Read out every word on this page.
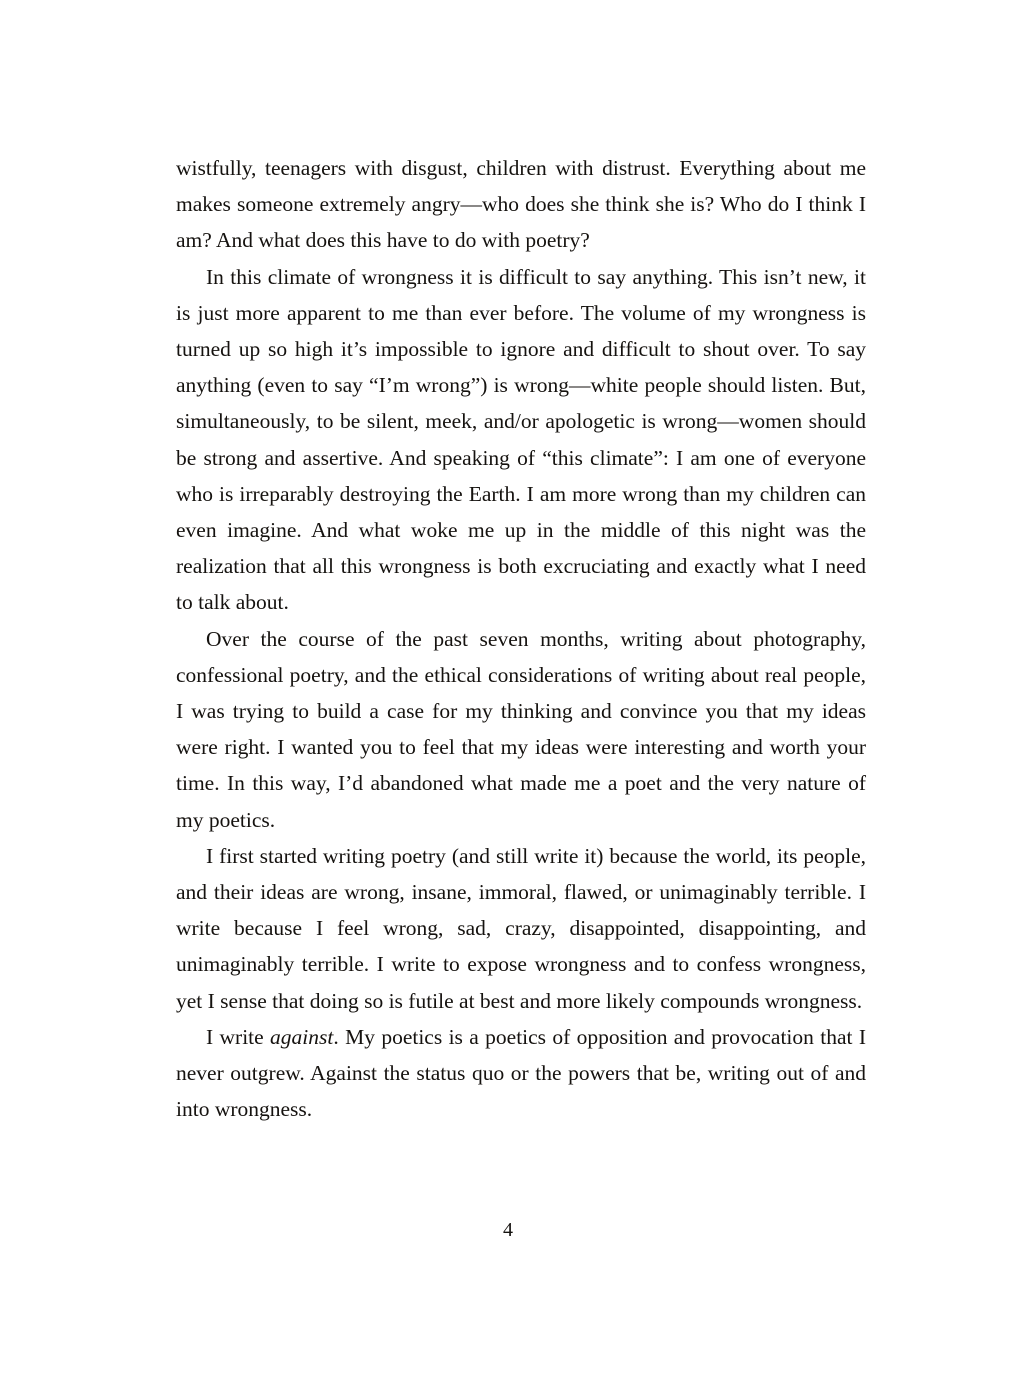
wistfully, teenagers with disgust, children with distrust. Everything about me makes someone extremely angry—who does she think she is? Who do I think I am? And what does this have to do with poetry?

In this climate of wrongness it is difficult to say anything. This isn’t new, it is just more apparent to me than ever before. The volume of my wrongness is turned up so high it’s impossible to ignore and difficult to shout over. To say anything (even to say “I’m wrong”) is wrong—white people should listen. But, simultaneously, to be silent, meek, and/or apologetic is wrong—women should be strong and assertive. And speaking of “this climate”: I am one of everyone who is irreparably destroying the Earth. I am more wrong than my children can even imagine. And what woke me up in the middle of this night was the realization that all this wrongness is both excruciating and exactly what I need to talk about.

Over the course of the past seven months, writing about photography, confessional poetry, and the ethical considerations of writing about real people, I was trying to build a case for my thinking and convince you that my ideas were right. I wanted you to feel that my ideas were interesting and worth your time. In this way, I’d abandoned what made me a poet and the very nature of my poetics.

I first started writing poetry (and still write it) because the world, its people, and their ideas are wrong, insane, immoral, flawed, or unimaginably terrible. I write because I feel wrong, sad, crazy, disappointed, disappointing, and unimaginably terrible. I write to expose wrongness and to confess wrongness, yet I sense that doing so is futile at best and more likely compounds wrongness.

I write against. My poetics is a poetics of opposition and provocation that I never outgrew. Against the status quo or the powers that be, writing out of and into wrongness.

4
